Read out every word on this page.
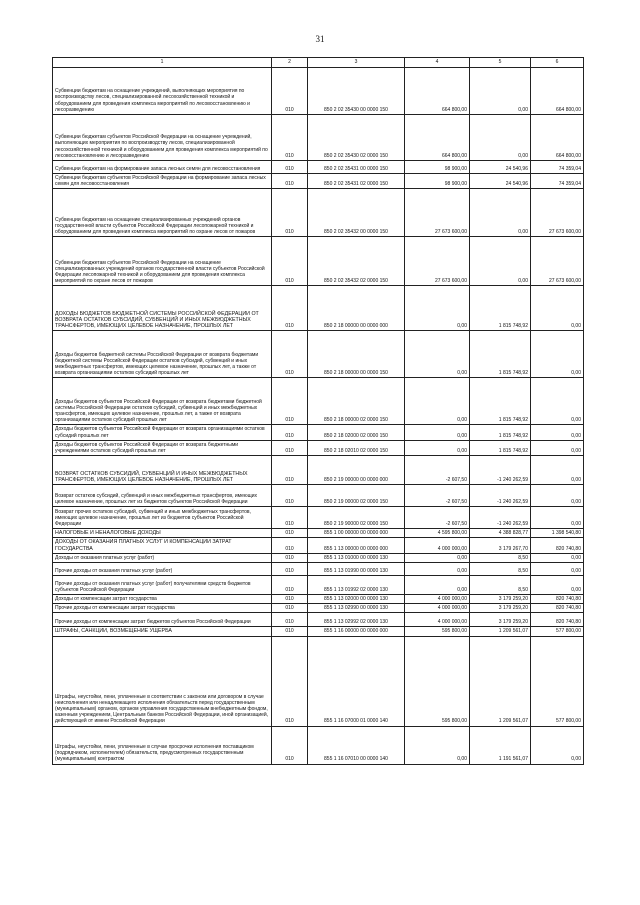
31
1	2	3	4	5	6
Субвенции бюджетам на оснащение учреждений, выполняющих мероприятия по воспроизводству лесов, специализированной лесохозяйственной техникой и оборудованием для проведения комплекса мероприятий по лесовосстановлению и лесоразведению	010	850 2 02 35430 00 0000 150	664 800,00	0,00	664 800,00
Субвенции бюджетам субъектов Российской Федерации на оснащение учреждений, выполняющих мероприятия по воспроизводству лесов, специализированной лесохозяйственной техникой и оборудованием для проведения комплекса мероприятий по лесовосстановлению и лесоразведению	010	850 2 02 35430 02 0000 150	664 800,00	0,00	664 800,00
Субвенции бюджетам на формирование запаса лесных семян для лесовосстановления	010	850 2 02 35431 00 0000 150	98 900,00	24 540,96	74 359,04
Субвенции бюджетам субъектов Российской Федерации на формирование запаса лесных семян для лесовосстановления	010	850 2 02 35431 02 0000 150	98 900,00	24 540,96	74 359,04
Субвенции бюджетам на оснащение специализированных учреждений органов государственной власти субъектов Российской Федерации лесопожарной техникой и оборудованием для проведения комплекса мероприятий по охране лесов от пожаров	010	850 2 02 35432 00 0000 150	27 673 600,00	0,00	27 673 600,00
Субвенции бюджетам субъектов Российской Федерации на оснащение специализированных учреждений органов государственной власти субъектов Российской Федерации лесопожарной техникой и оборудованием для проведения комплекса мероприятий по охране лесов от пожаров	010	850 2 02 35432 02 0000 150	27 673 600,00	0,00	27 673 600,00
ДОХОДЫ БЮДЖЕТОВ БЮДЖЕТНОЙ СИСТЕМЫ РОССИЙСКОЙ ФЕДЕРАЦИИ ОТ ВОЗВРАТА ОСТАТКОВ СУБСИДИЙ, СУБВЕНЦИЙ И ИНЫХ МЕЖБЮДЖЕТНЫХ ТРАНСФЕРТОВ, ИМЕЮЩИХ ЦЕЛЕВОЕ НАЗНАЧЕНИЕ, ПРОШЛЫХ ЛЕТ	010	850 2 18 00000 00 0000 000	0,00	1 815 748,92	0,00
Доходы бюджетов бюджетной системы Российской Федерации от возврата бюджетами бюджетной системы Российской Федерации остатков субсидий, субвенций и иных межбюджетных трансфертов, имеющих целевое назначение, прошлых лет, а также от возврата организациями остатков субсидий прошлых лет	010	850 2 18 00000 00 0000 150	0,00	1 815 748,92	0,00
Доходы бюджетов субъектов Российской Федерации от возврата бюджетами бюджетной системы Российской Федерации остатков субсидий, субвенций и иных межбюджетных трансфертов, имеющих целевое назначение, прошлых лет, а также от возврата организациями остатков субсидий прошлых лет	010	850 2 18 00000 02 0000 150	0,00	1 815 748,92	0,00
Доходы бюджетов субъектов Российской Федерации от возврата организациями остатков субсидий прошлых лет	010	850 2 18 02000 02 0000 150	0,00	1 815 748,92	0,00
Доходы бюджетов субъектов Российской Федерации от возврата бюджетными учреждениями остатков субсидий прошлых лет	010	850 2 18 02010 02 0000 150	0,00	1 815 748,92	0,00
ВОЗВРАТ ОСТАТКОВ СУБСИДИЙ, СУБВЕНЦИЙ И ИНЫХ МЕЖБЮДЖЕТНЫХ ТРАНСФЕРТОВ, ИМЕЮЩИХ ЦЕЛЕВОЕ НАЗНАЧЕНИЕ, ПРОШЛЫХ ЛЕТ	010	850 2 19 00000 00 0000 000	-2 607,50	-1 240 262,59	0,00
Возврат остатков субсидий, субвенций и иных межбюджетных трансфертов, имеющих целевое назначение, прошлых лет из бюджетов субъектов Российской Федерации	010	850 2 19 00000 02 0000 150	-2 607,50	-1 240 262,59	0,00
Возврат прочих остатков субсидий, субвенций и иных межбюджетных трансфертов, имеющих целевое назначение, прошлых лет из бюджетов субъектов Российской Федерации	010	850 2 19 90000 02 0000 150	-2 607,50	-1 240 262,59	0,00
НАЛОГОВЫЕ И НЕНАЛОГОВЫЕ ДОХОДЫ	010	855 1 00 00000 00 0000 000	4 595 800,00	4 388 828,77	1 398 540,80
ДОХОДЫ ОТ ОКАЗАНИЯ ПЛАТНЫХ УСЛУГ И КОМПЕНСАЦИИ ЗАТРАТ ГОСУДАРСТВА	010	855 1 13 00000 00 0000 000	4 000 000,00	3 179 267,70	820 740,80
Доходы от оказания платных услуг (работ)	010	855 1 13 01000 00 0000 130	0,00	8,50	0,00
Прочие доходы от оказания платных услуг (работ)	010	855 1 13 01990 00 0000 130	0,00	8,50	0,00
Прочие доходы от оказания платных услуг (работ) получателями средств бюджетов субъектов Российской Федерации	010	855 1 13 01992 02 0000 130	0,00	8,50	0,00
Доходы от компенсации затрат государства	010	855 1 13 02000 00 0000 130	4 000 000,00	3 179 259,20	820 740,80
Прочие доходы от компенсации затрат государства	010	855 1 13 02990 00 0000 130	4 000 000,00	3 179 259,20	820 740,80
Прочие доходы от компенсации затрат бюджетов субъектов Российской Федерации	010	855 1 13 02992 02 0000 130	4 000 000,00	3 179 259,20	820 740,80
ШТРАФЫ, САНКЦИИ, ВОЗМЕЩЕНИЕ УЩЕРБА	010	855 1 16 00000 00 0000 000	595 800,00	1 209 561,07	577 800,00
Штрафы, неустойки, пени, уплаченные в соответствии с законом или договором в случае неисполнения или ненадлежащего исполнения обязательств перед государственным (муниципальным) органом, органом управления государственным внебюджетным фондом, казенным учреждением, Центральным банком Российской Федерации, иной организацией, действующей от имени Российской Федерации	010	855 1 16 07000 01 0000 140	595 800,00	1 209 561,07	577 800,00
Штрафы, неустойки, пени, уплаченные в случае просрочки исполнения поставщиком (подрядчиком, исполнителем) обязательств, предусмотренных государственным (муниципальным) контрактом	010	855 1 16 07010 00 0000 140	0,00	1 191 561,07	0,00
